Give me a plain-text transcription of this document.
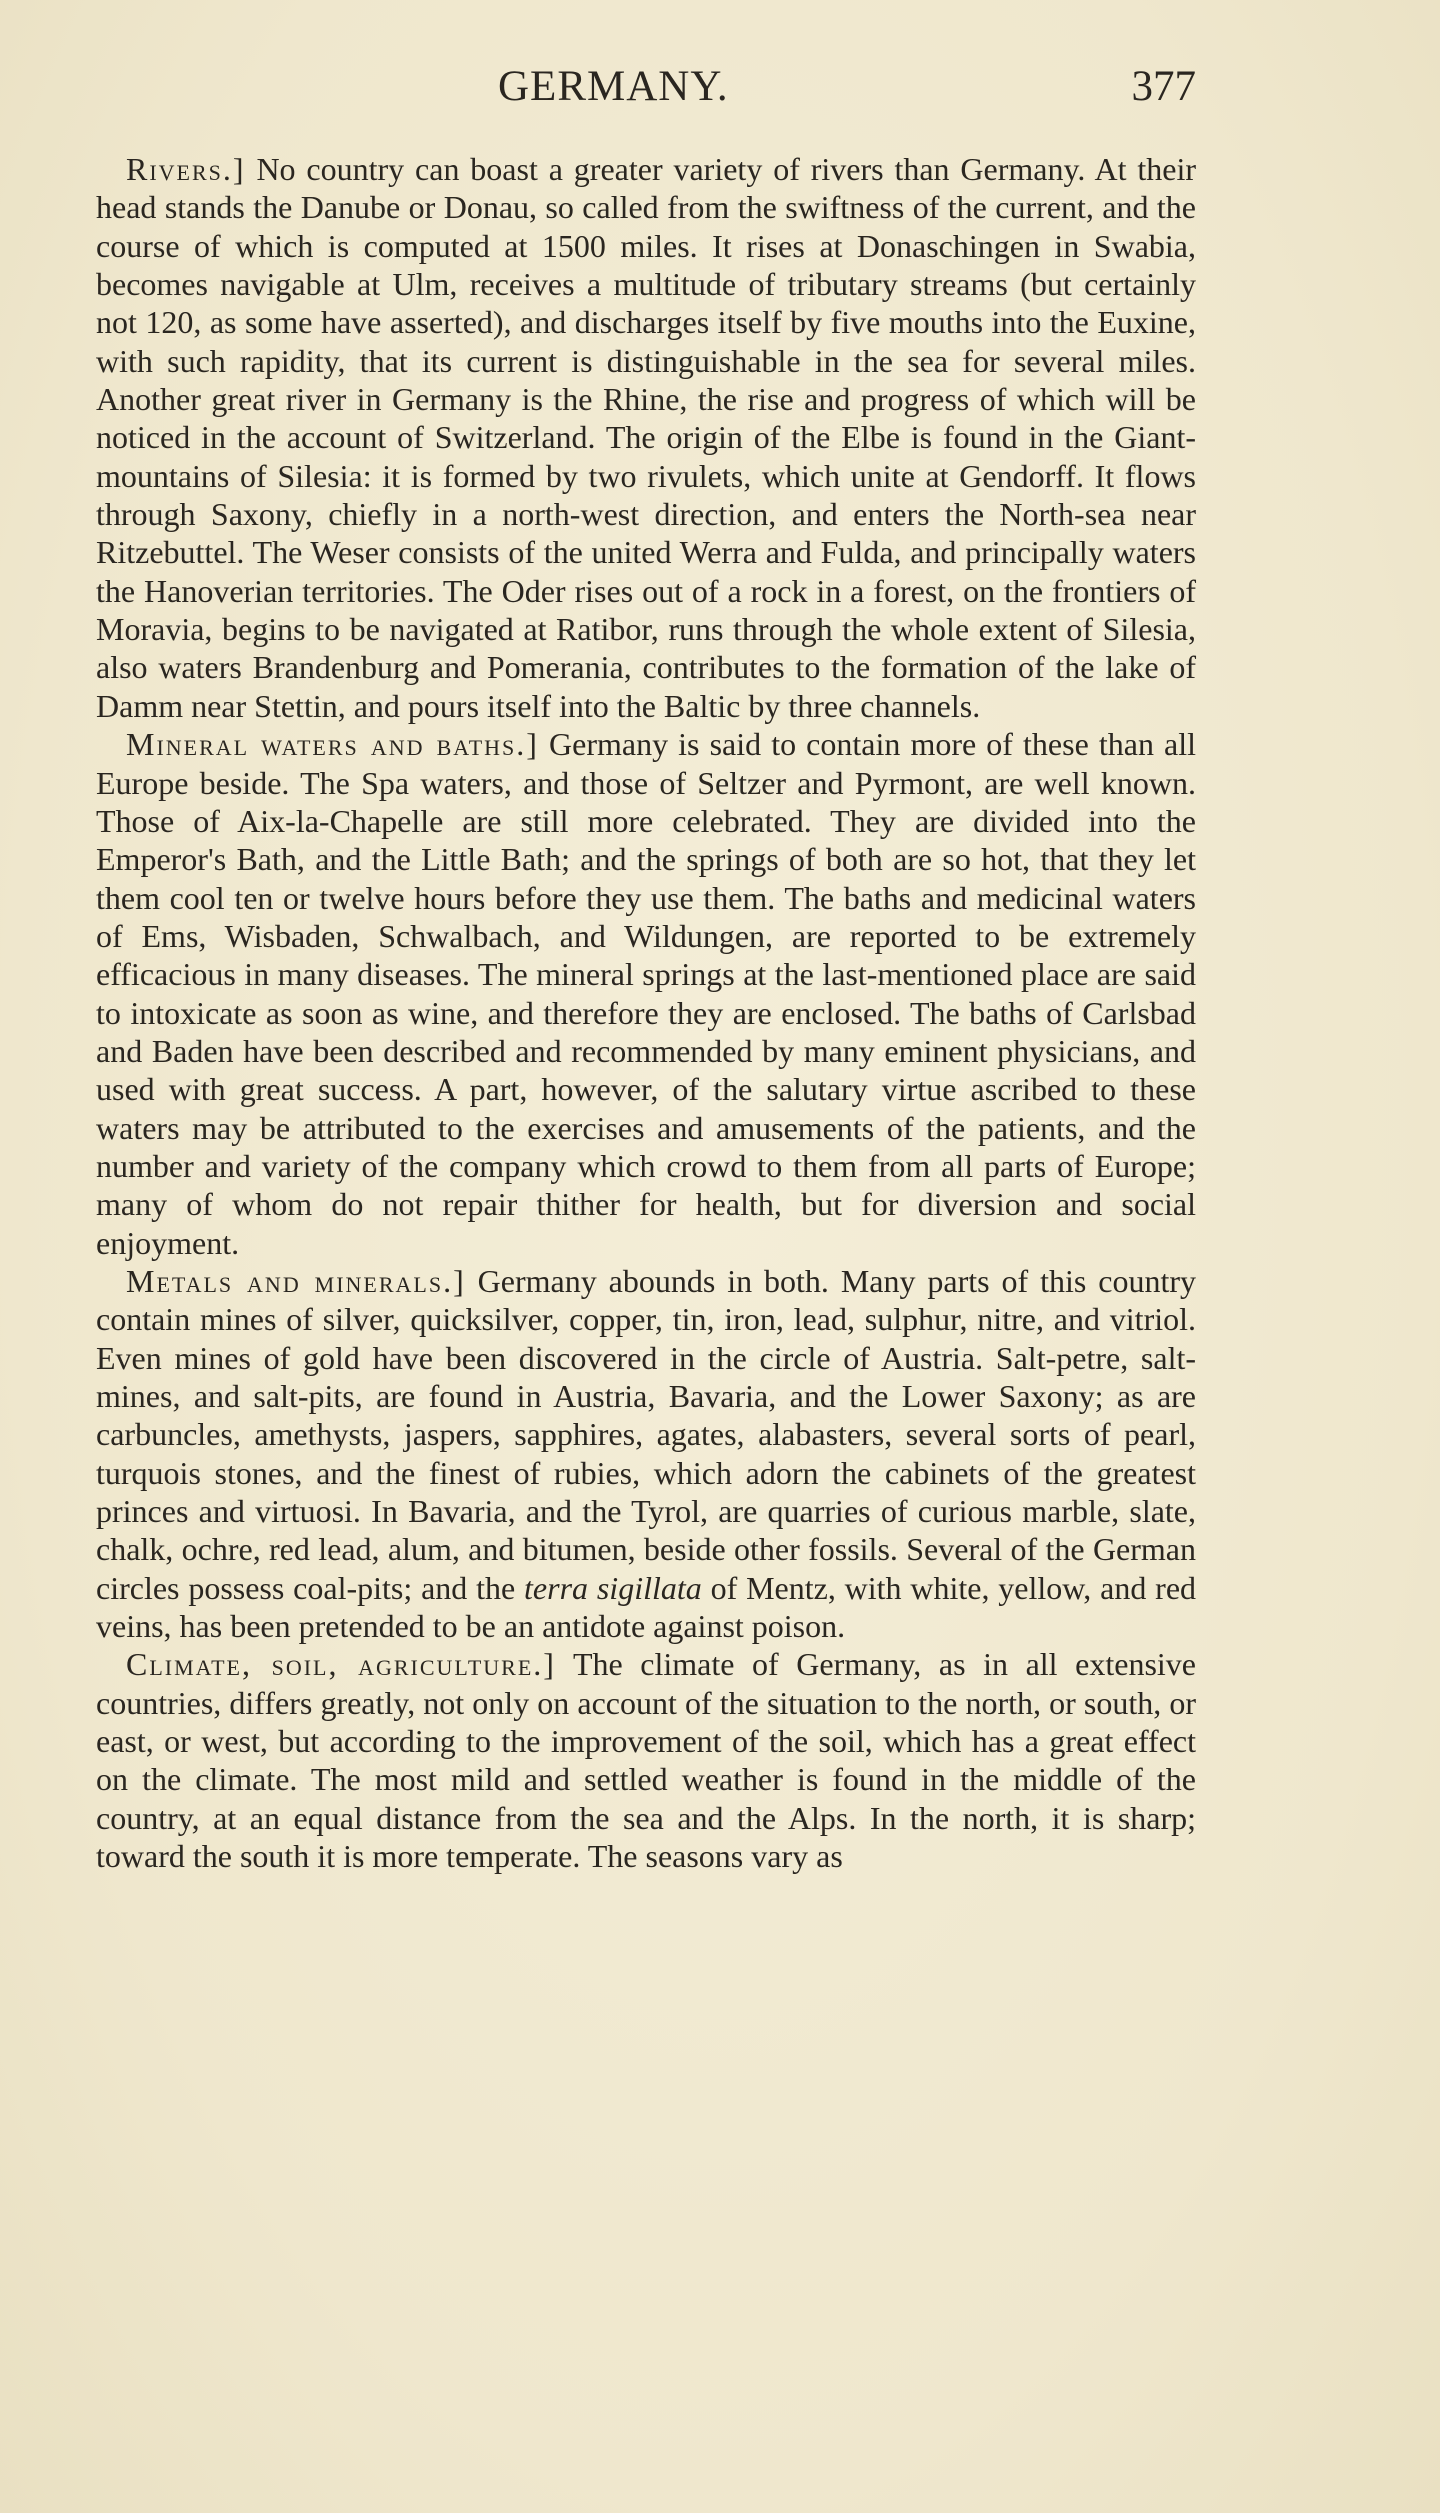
GERMANY.	377

Rivers.] No country can boast a greater variety of rivers than Germany. At their head stands the Danube or Donau, so called from the swiftness of the current, and the course of which is computed at 1500 miles. It rises at Donaschingen in Swabia, becomes navigable at Ulm, receives a multitude of tributary streams (but certainly not 120, as some have asserted), and discharges itself by five mouths into the Euxine, with such rapidity, that its current is distinguishable in the sea for several miles. Another great river in Germany is the Rhine, the rise and progress of which will be noticed in the account of Switzerland. The origin of the Elbe is found in the Giant-mountains of Silesia: it is formed by two rivulets, which unite at Gendorff. It flows through Saxony, chiefly in a north-west direction, and enters the North-sea near Ritzebuttel. The Weser consists of the united Werra and Fulda, and principally waters the Hanoverian territories. The Oder rises out of a rock in a forest, on the frontiers of Moravia, begins to be navigated at Ratibor, runs through the whole extent of Silesia, also waters Brandenburg and Pomerania, contributes to the formation of the lake of Damm near Stettin, and pours itself into the Baltic by three channels.

Mineral waters and baths.] Germany is said to contain more of these than all Europe beside. The Spa waters, and those of Seltzer and Pyrmont, are well known. Those of Aix-la-Chapelle are still more celebrated. They are divided into the Emperor's Bath, and the Little Bath; and the springs of both are so hot, that they let them cool ten or twelve hours before they use them. The baths and medicinal waters of Ems, Wisbaden, Schwalbach, and Wildungen, are reported to be extremely efficacious in many diseases. The mineral springs at the last-mentioned place are said to intoxicate as soon as wine, and therefore they are enclosed. The baths of Carlsbad and Baden have been described and recommended by many eminent physicians, and used with great success. A part, however, of the salutary virtue ascribed to these waters may be attributed to the exercises and amusements of the patients, and the number and variety of the company which crowd to them from all parts of Europe; many of whom do not repair thither for health, but for diversion and social enjoyment.

Metals and minerals.] Germany abounds in both. Many parts of this country contain mines of silver, quicksilver, copper, tin, iron, lead, sulphur, nitre, and vitriol. Even mines of gold have been discovered in the circle of Austria. Salt-petre, salt-mines, and salt-pits, are found in Austria, Bavaria, and the Lower Saxony; as are carbuncles, amethysts, jaspers, sapphires, agates, alabasters, several sorts of pearl, turquois stones, and the finest of rubies, which adorn the cabinets of the greatest princes and virtuosi. In Bavaria, and the Tyrol, are quarries of curious marble, slate, chalk, ochre, red lead, alum, and bitumen, beside other fossils. Several of the German circles possess coal-pits; and the terra sigillata of Mentz, with white, yellow, and red veins, has been pretended to be an antidote against poison.

Climate, soil, agriculture.] The climate of Germany, as in all extensive countries, differs greatly, not only on account of the situation to the north, or south, or east, or west, but according to the improvement of the soil, which has a great effect on the climate. The most mild and settled weather is found in the middle of the country, at an equal distance from the sea and the Alps. In the north, it is sharp; toward the south it is more temperate. The seasons vary as
